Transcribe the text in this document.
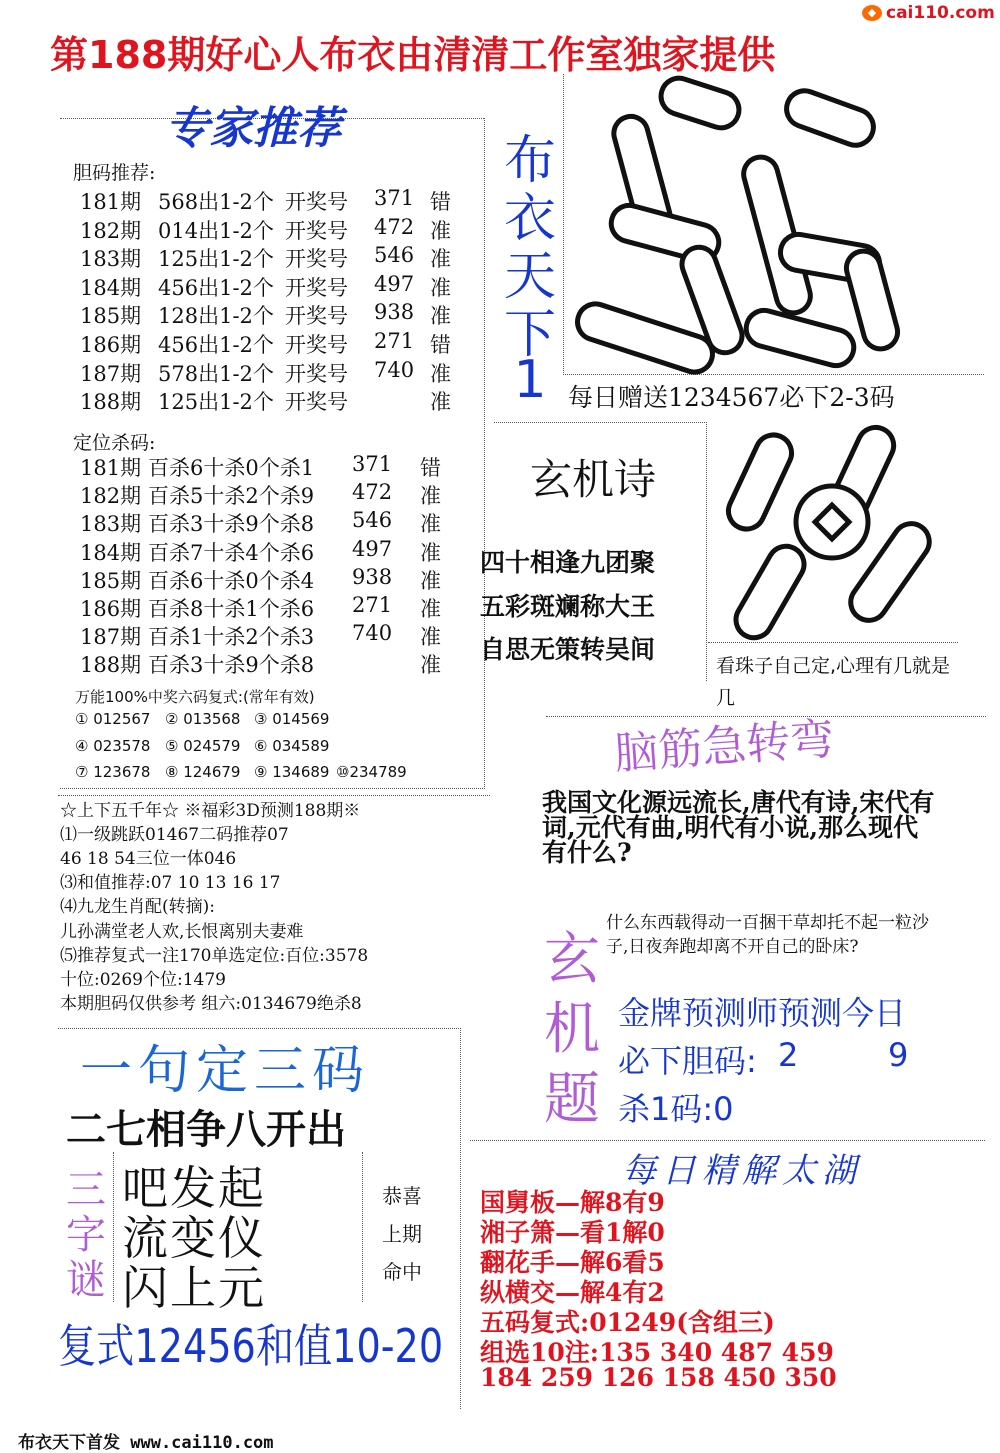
◆ cai110.com
第188期好心人布衣由清清工作室独家提供
专家推荐
胆码推荐:
定位杀码:
万能100%中奖六码复式:(常年有效)
每日赠送1234567必下2-3码
玄机诗
看珠子自己定,心理有几就是几
脑筋急转弯
我国文化源远流长,唐代有诗,宋代有词,元代有曲,明代有小说,那么现代有什么?
什么东西载得动一百捆干草却托不起一粒沙子,日夜奔跑却离不开自己的卧床?
金牌预测师预测今日
必下胆码: 2	9
杀1码:0
一句定三码
二七相争八开出
复式12456和值10-20
每日精解太湖
布衣天下首发 www.cai110.com
181期 568出1-2个 开奖号 371 错
182期 014出1-2个 开奖号 472 准
183期 125出1-2个 开奖号 546 准
184期 456出1-2个 开奖号 497 准
185期 128出1-2个 开奖号 938 准
186期 456出1-2个 开奖号 271 错
187期 578出1-2个 开奖号 740 准
188期 125出1-2个 开奖号	准
181期 百杀6十杀0个杀1 371 错
182期 百杀5十杀2个杀9 472 准
183期 百杀3十杀9个杀8 546 准
184期 百杀7十杀4个杀6 497 准
185期 百杀6十杀0个杀4 938 准
186期 百杀8十杀1个杀6 271 准
187期 百杀1十杀2个杀3 740 准
188期 百杀3十杀9个杀8	准
① 012567 ② 013568 ③ 014569
④ 023578 ⑤ 024579 ⑥ 034589
⑦ 123678 ⑧ 124679 ⑨ 134689 ⑩234789
☆上下五千年☆ ※福彩3D预测188期※
⑴一级跳跃01467二码推荐07
46 18 54三位一体046
⑶和值推荐:07 10 13 16 17
⑷九龙生肖配(转摘):
儿孙满堂老人欢,长恨离别夫妻难
⑸推荐复式一注170单选定位:百位:3578
十位:0269个位:1479
本期胆码仅供参考 组六:0134679绝杀8
布
衣
天
下
1
四十相逢九团聚
五彩斑斓称大王
自思无策转吴间
玄
机
题
三
字
谜
吧发起
流变仪
闪上元
恭喜
上期
命中
国舅板—解8有9
湘子箫—看1解0
翻花手—解6看5
纵横交—解4有2
五码复式:01249(含组三)
组选10注:135 340 487 459
184 259 126 158 450 350
